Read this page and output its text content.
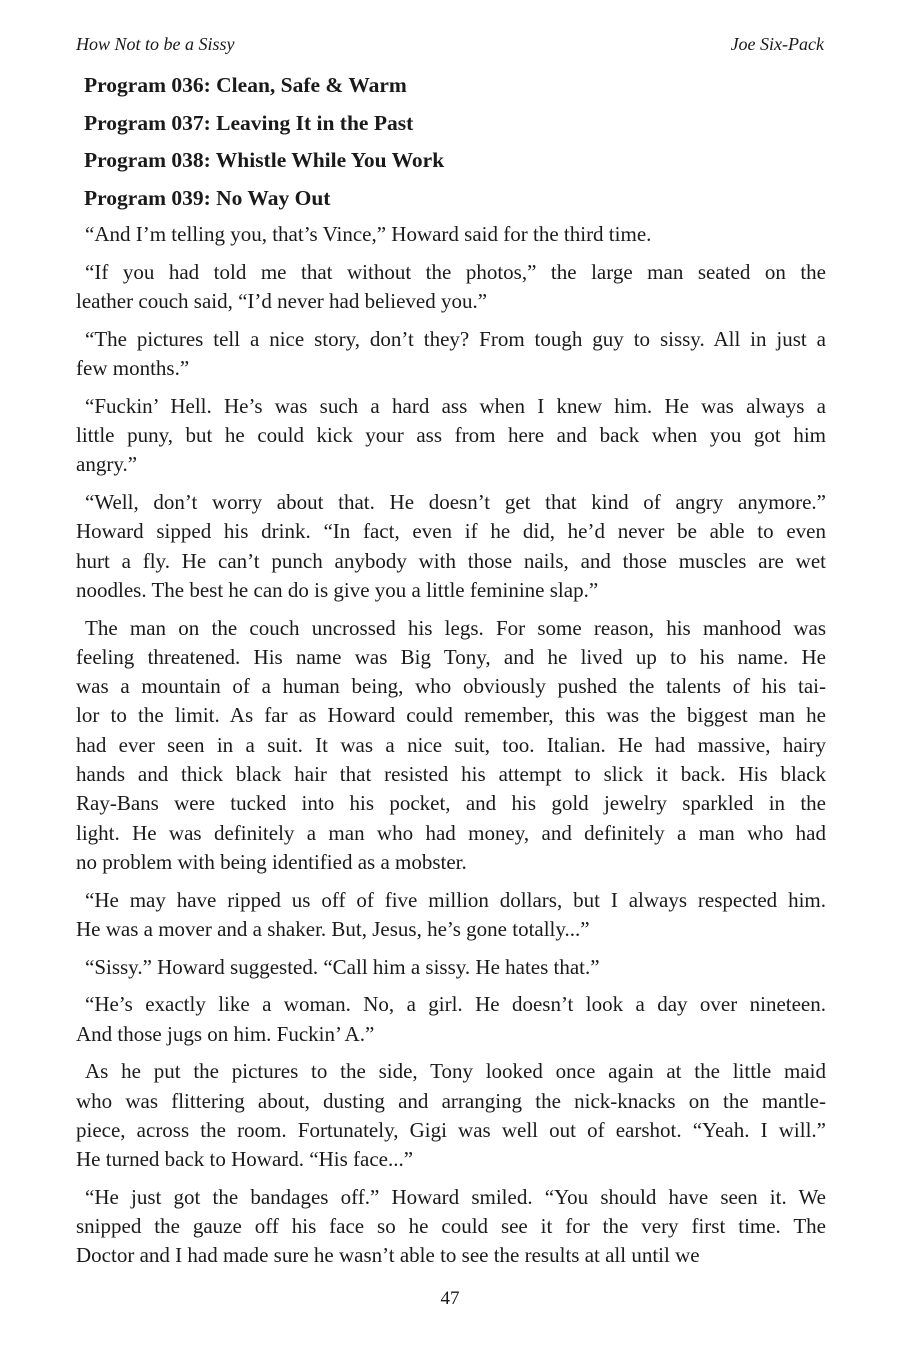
How Not to be a Sissy	Joe Six-Pack
Program 036: Clean, Safe & Warm
Program 037: Leaving It in the Past
Program 038: Whistle While You Work
Program 039: No Way Out
“And I’m telling you, that’s Vince,” Howard said for the third time.
“If you had told me that without the photos,” the large man seated on the
leather couch said, “I’d never had believed you.”
“The pictures tell a nice story, don’t they? From tough guy to sissy. All in just a
few months.”
“Fuckin’ Hell. He’s was such a hard ass when I knew him. He was always a
little puny, but he could kick your ass from here and back when you got him
angry.”
“Well, don’t worry about that. He doesn’t get that kind of angry anymore.”
Howard sipped his drink. “In fact, even if he did, he’d never be able to even
hurt a fly. He can’t punch anybody with those nails, and those muscles are wet
noodles. The best he can do is give you a little feminine slap.”
The man on the couch uncrossed his legs. For some reason, his manhood was
feeling threatened. His name was Big Tony, and he lived up to his name. He
was a mountain of a human being, who obviously pushed the talents of his tai-
lor to the limit. As far as Howard could remember, this was the biggest man he
had ever seen in a suit. It was a nice suit, too. Italian. He had massive, hairy
hands and thick black hair that resisted his attempt to slick it back. His black
Ray-Bans were tucked into his pocket, and his gold jewelry sparkled in the
light. He was definitely a man who had money, and definitely a man who had
no problem with being identified as a mobster.
“He may have ripped us off of five million dollars, but I always respected him.
He was a mover and a shaker. But, Jesus, he’s gone totally...”
“Sissy.” Howard suggested. “Call him a sissy. He hates that.”
“He’s exactly like a woman. No, a girl. He doesn’t look a day over nineteen.
And those jugs on him. Fuckin’ A.”
As he put the pictures to the side, Tony looked once again at the little maid
who was flittering about, dusting and arranging the nick-knacks on the mantle-
piece, across the room. Fortunately, Gigi was well out of earshot. “Yeah. I will.”
He turned back to Howard. “His face...”
“He just got the bandages off.” Howard smiled. “You should have seen it. We
snipped the gauze off his face so he could see it for the very first time. The
Doctor and I had made sure he wasn’t able to see the results at all until we
47
